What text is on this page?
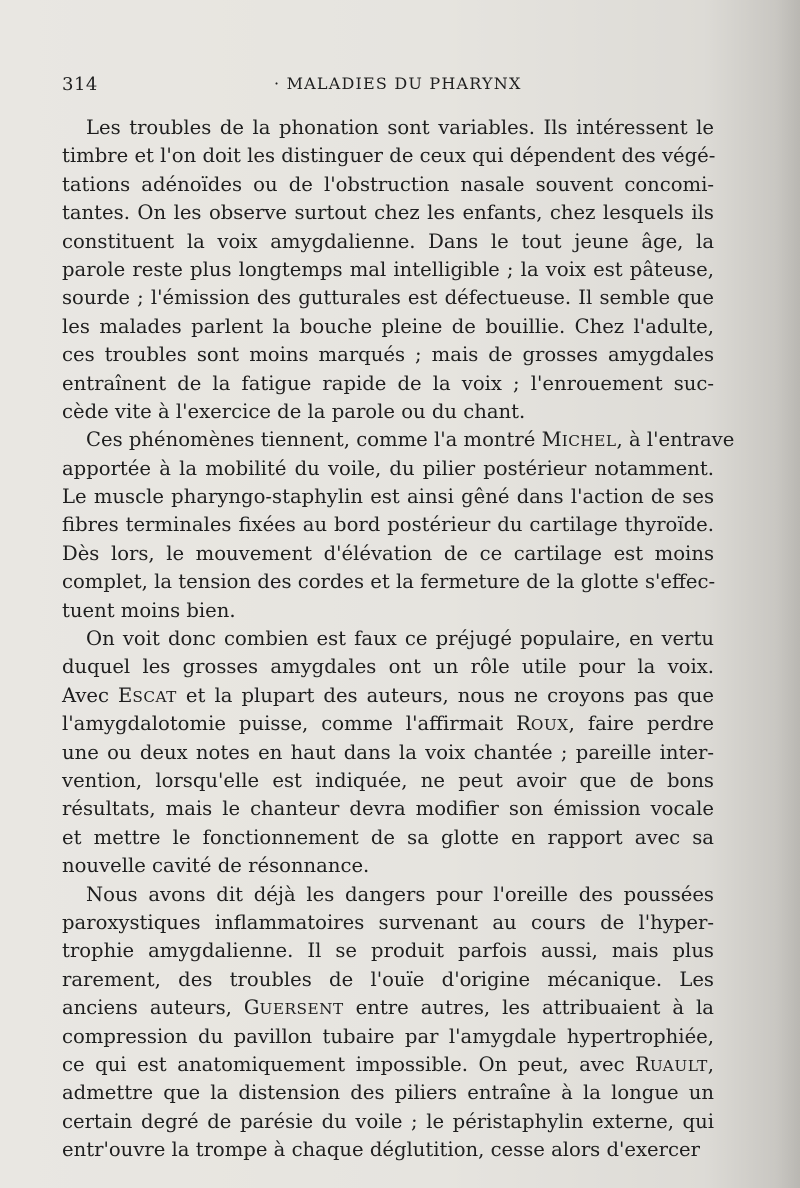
314	· MALADIES DU PHARYNX
Les troubles de la phonation sont variables. Ils intéressent le
timbre et l'on doit les distinguer de ceux qui dépendent des végé-
tations adénoïdes ou de l'obstruction nasale souvent concomi-
tantes. On les observe surtout chez les enfants, chez lesquels ils
constituent la voix amygdalienne. Dans le tout jeune âge, la
parole reste plus longtemps mal intelligible ; la voix est pâteuse,
sourde ; l'émission des gutturales est défectueuse. Il semble que
les malades parlent la bouche pleine de bouillie. Chez l'adulte,
ces troubles sont moins marqués ; mais de grosses amygdales
entraînent de la fatigue rapide de la voix ; l'enrouement suc-
cède vite à l'exercice de la parole ou du chant.
Ces phénomènes tiennent, comme l'a montré MICHEL, à l'entrave
apportée à la mobilité du voile, du pilier postérieur notamment.
Le muscle pharyngo-staphylin est ainsi gêné dans l'action de ses
fibres terminales fixées au bord postérieur du cartilage thyroïde.
Dès lors, le mouvement d'élévation de ce cartilage est moins
complet, la tension des cordes et la fermeture de la glotte s'effec-
tuent moins bien.
On voit donc combien est faux ce préjugé populaire, en vertu
duquel les grosses amygdales ont un rôle utile pour la voix.
Avec ESCAT et la plupart des auteurs, nous ne croyons pas que
l'amygdalotomie puisse, comme l'affirmait ROUX, faire perdre
une ou deux notes en haut dans la voix chantée ; pareille inter-
vention, lorsqu'elle est indiquée, ne peut avoir que de bons
résultats, mais le chanteur devra modifier son émission vocale
et mettre le fonctionnement de sa glotte en rapport avec sa
nouvelle cavité de résonnance.
Nous avons dit déjà les dangers pour l'oreille des poussées
paroxystiques inflammatoires survenant au cours de l'hyper-
trophie amygdalienne. Il se produit parfois aussi, mais plus
rarement, des troubles de l'ouïe d'origine mécanique. Les
anciens auteurs, GUERSENT entre autres, les attribuaient à la
compression du pavillon tubaire par l'amygdale hypertrophiée,
ce qui est anatomiquement impossible. On peut, avec RUAULT,
admettre que la distension des piliers entraîne à la longue un
certain degré de parésie du voile ; le péristaphylin externe, qui
entr'ouvre la trompe à chaque déglutition, cesse alors d'exercer
